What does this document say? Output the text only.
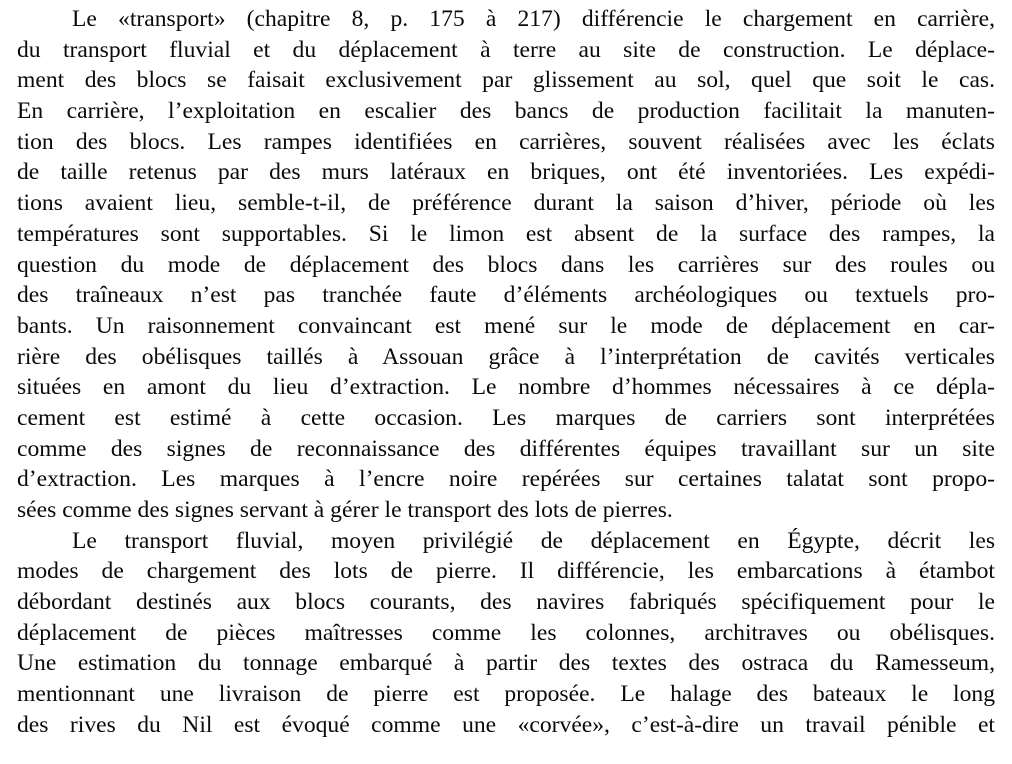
Le «transport» (chapitre 8, p. 175 à 217) différencie le chargement en carrière,
du transport fluvial et du déplacement à terre au site de construction. Le déplace-
ment des blocs se faisait exclusivement par glissement au sol, quel que soit le cas.
En carrière, l’exploitation en escalier des bancs de production facilitait la manuten-
tion des blocs. Les rampes identifiées en carrières, souvent réalisées avec les éclats
de taille retenus par des murs latéraux en briques, ont été inventoriées. Les expédi-
tions avaient lieu, semble-t-il, de préférence durant la saison d’hiver, période où les
températures sont supportables. Si le limon est absent de la surface des rampes, la
question du mode de déplacement des blocs dans les carrières sur des roules ou
des traîneaux n’est pas tranchée faute d’éléments archéologiques ou textuels pro-
bants. Un raisonnement convaincant est mené sur le mode de déplacement en car-
rière des obélisques taillés à Assouan grâce à l’interprétation de cavités verticales
situées en amont du lieu d’extraction. Le nombre d’hommes nécessaires à ce dépla-
cement est estimé à cette occasion. Les marques de carriers sont interprétées
comme des signes de reconnaissance des différentes équipes travaillant sur un site
d’extraction. Les marques à l’encre noire repérées sur certaines talatat sont propo-
sées comme des signes servant à gérer le transport des lots de pierres.
Le transport fluvial, moyen privilégié de déplacement en Égypte, décrit les
modes de chargement des lots de pierre. Il différencie, les embarcations à étambot
débordant destinés aux blocs courants, des navires fabriqués spécifiquement pour le
déplacement de pièces maîtresses comme les colonnes, architraves ou obélisques.
Une estimation du tonnage embarqué à partir des textes des ostraca du Ramesseum,
mentionnant une livraison de pierre est proposée. Le halage des bateaux le long
des rives du Nil est évoqué comme une «corvée», c’est-à-dire un travail pénible et
